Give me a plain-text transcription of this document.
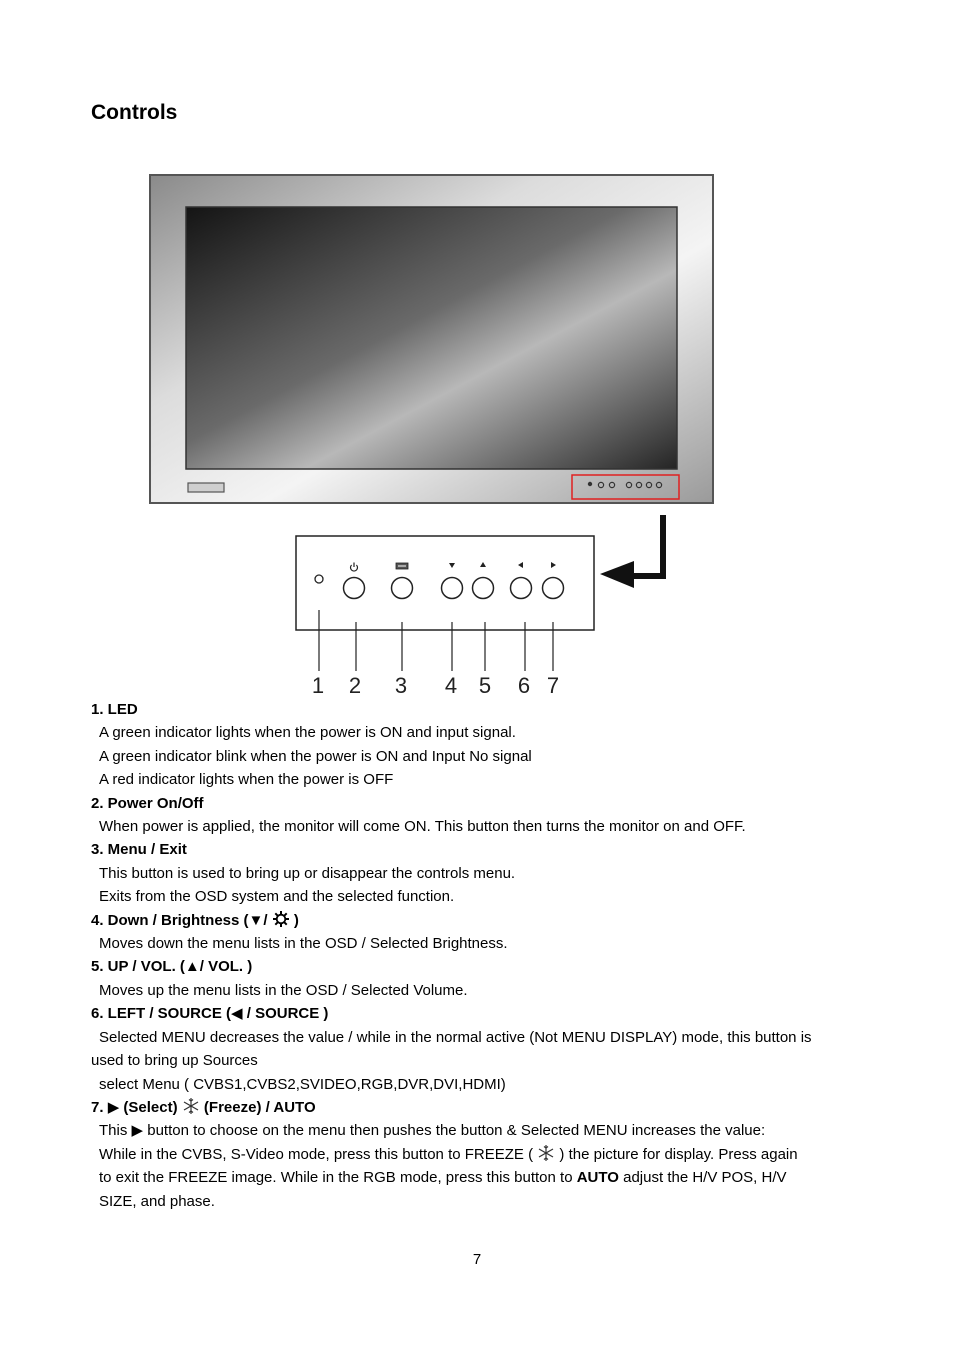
Controls
1 2 3 4 5 6 7
1. LED
A green indicator lights when the power is ON and input signal.
A green indicator blink when the power is ON and Input No signal
A red indicator lights when the power is OFF
2. Power On/Off
When power is applied, the monitor will come ON. This button then turns the monitor on and OFF.
3. Menu / Exit
This button is used to bring up or disappear the controls menu.
Exits from the OSD system and the selected function.
4. Down / Brightness (▼/  )
Moves down the menu lists in the OSD / Selected Brightness.
5. UP / VOL. (▲/ VOL. )
Moves up the menu lists in the OSD / Selected Volume.
6. LEFT / SOURCE (◀ / SOURCE )
Selected MENU decreases the value / while in the normal active (Not MENU DISPLAY) mode, this button is
used to bring up Sources
select Menu ( CVBS1,CVBS2,SVIDEO,RGB,DVR,DVI,HDMI)
7. ▶ (Select)  (Freeze) / AUTO
This ▶ button to choose on the menu then pushes the button & Selected MENU increases the value:
While in the CVBS, S-Video mode, press this button to FREEZE (  ) the picture for display. Press again
to exit the FREEZE image. While in the RGB mode, press this button to AUTO adjust the H/V POS, H/V
SIZE, and phase.
7
